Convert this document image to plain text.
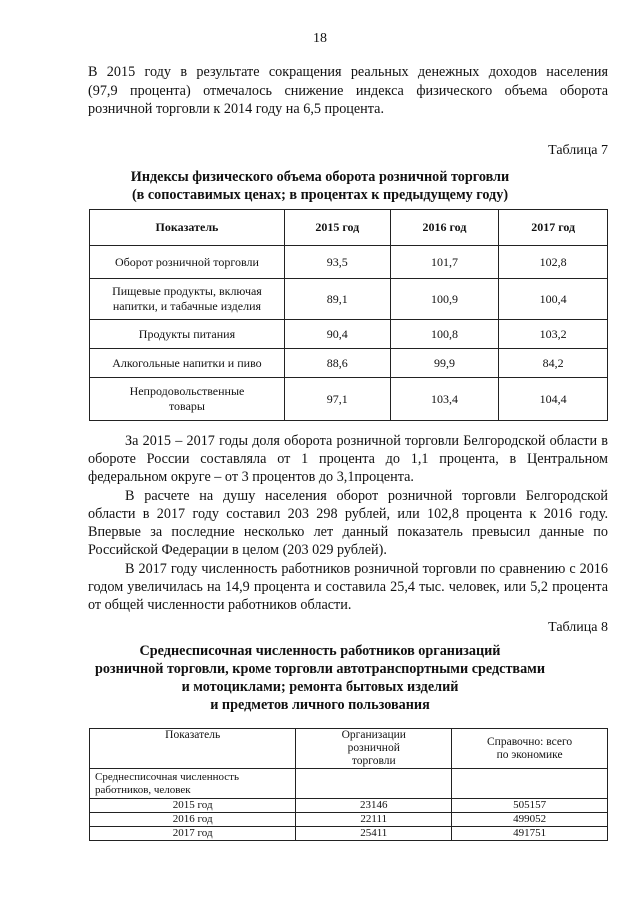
18
В 2015 году в результате сокращения реальных денежных доходов населения
(97,9 процента) отмечалось снижение индекса физического объема оборота
розничной торговли к 2014 году на 6,5 процента.
Таблица 7
Индексы физического объема оборота розничной торговли
(в сопоставимых ценах; в процентах к предыдущему году)
Показатель	2015 год	2016 год	2017 год
Оборот розничной торговли	93,5	101,7	102,8
Пищевые продукты, включая напитки, и табачные изделия	89,1	100,9	100,4
Продукты питания	90,4	100,8	103,2
Алкогольные напитки и пиво	88,6	99,9	84,2
Непродовольственные товары	97,1	103,4	104,4

За 2015 – 2017 годы доля оборота розничной торговли Белгородской области в обороте России составляла от 1 процента до 1,1 процента, в Центральном федеральном округе – от 3 процентов до 3,1процента.

В расчете на душу населения оборот розничной торговли Белгородской области в 2017 году составил 203 298 рублей, или 102,8 процента к 2016 году. Впервые за последние несколько лет данный показатель превысил данные по Российской Федерации в целом (203 029 рублей).

В 2017 году численность работников розничной торговли по сравнению с 2016 годом увеличилась на 14,9 процента и составила 25,4 тыс. человек, или 5,2 процента от общей численности работников области.

Таблица 8
Среднесписочная численность работников организаций
розничной торговли, кроме торговли автотранспортными средствами
и мотоциклами; ремонта бытовых изделий
и предметов личного пользования
Показатель	Организации розничной торговли	Справочно: всего по экономике
Среднесписочная численность работников, человек		
2015 год	23146	505157
2016 год	22111	499052
2017 год	25411	491751
